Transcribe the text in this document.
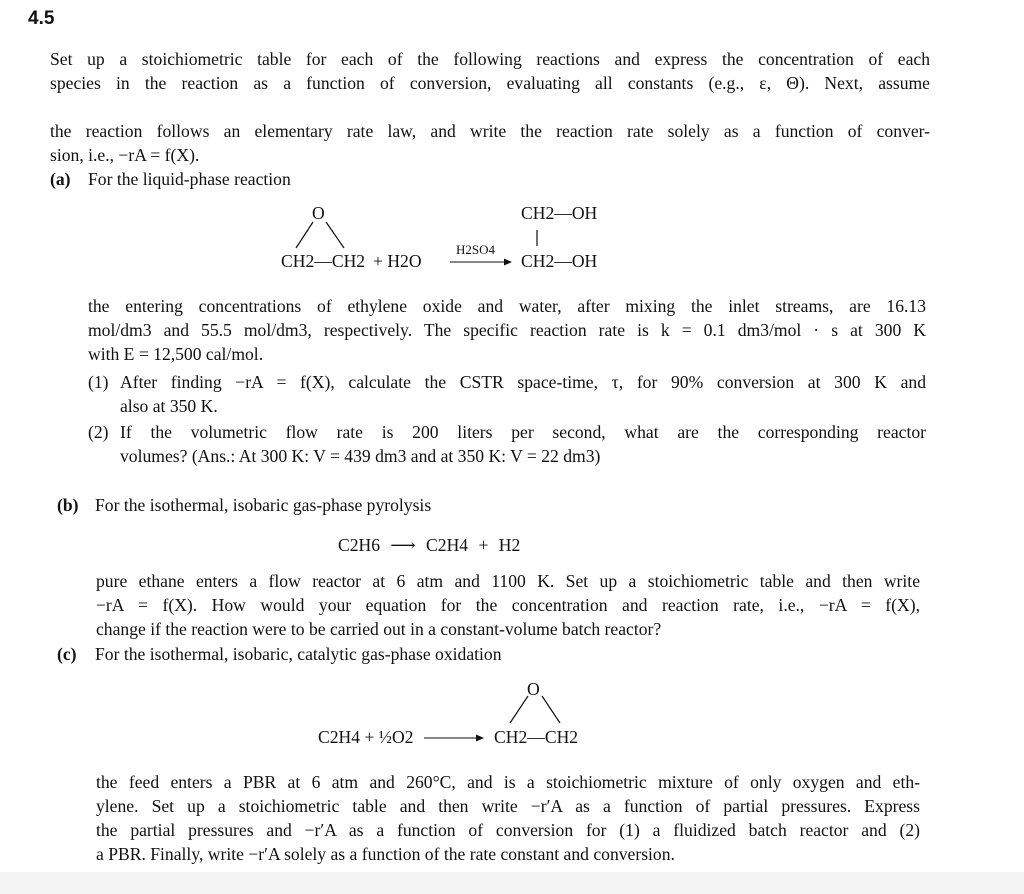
4.5
Set up a stoichiometric table for each of the following reactions and express the concentration of each
species in the reaction as a function of conversion, evaluating all constants (e.g., ε, Θ). Next, assume
the reaction follows an elementary rate law, and write the reaction rate solely as a function of conver-
sion, i.e., −rA = f(X).
(a) For the liquid-phase reaction
O
CH2—CH2 + H2O
H2SO4
CH2—OH
CH2—OH
the entering concentrations of ethylene oxide and water, after mixing the inlet streams, are 16.13
mol/dm3 and 55.5 mol/dm3, respectively. The specific reaction rate is k = 0.1 dm3/mol · s at 300 K
with E = 12,500 cal/mol.
(1) After finding −rA = f(X), calculate the CSTR space-time, τ, for 90% conversion at 300 K and
also at 350 K.
(2) If the volumetric flow rate is 200 liters per second, what are the corresponding reactor
volumes? (Ans.: At 300 K: V = 439 dm3 and at 350 K: V = 22 dm3)
(b) For the isothermal, isobaric gas-phase pyrolysis
C2H6 ⟶ C2H4 + H2
pure ethane enters a flow reactor at 6 atm and 1100 K. Set up a stoichiometric table and then write
−rA = f(X). How would your equation for the concentration and reaction rate, i.e., −rA = f(X),
change if the reaction were to be carried out in a constant-volume batch reactor?
(c) For the isothermal, isobaric, catalytic gas-phase oxidation
C2H4 + ½O2
O
CH2—CH2
the feed enters a PBR at 6 atm and 260°C, and is a stoichiometric mixture of only oxygen and eth-
ylene. Set up a stoichiometric table and then write −r′A as a function of partial pressures. Express
the partial pressures and −r′A as a function of conversion for (1) a fluidized batch reactor and (2)
a PBR. Finally, write −r′A solely as a function of the rate constant and conversion.
